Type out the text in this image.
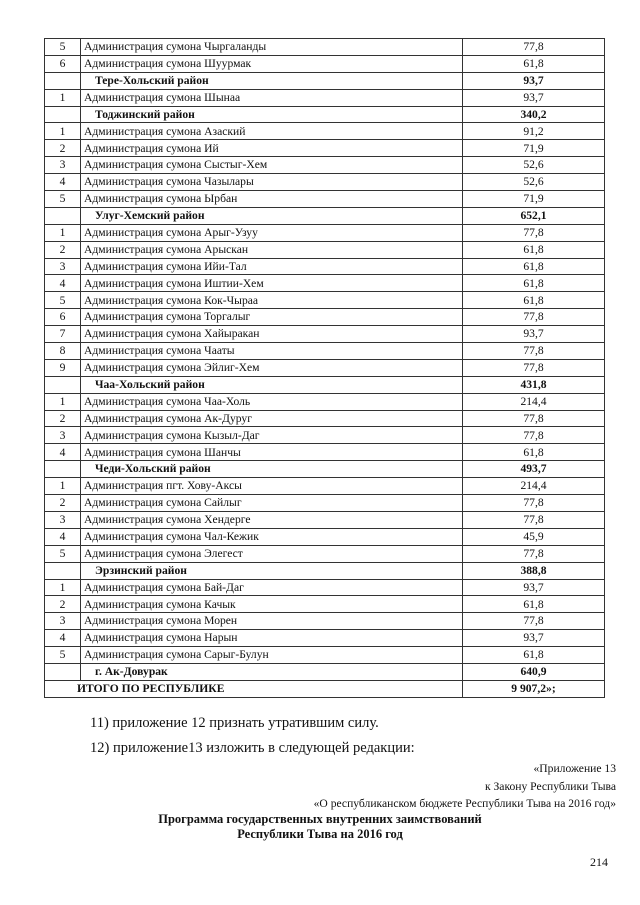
5	Администрация сумона Чыргаланды	77,8
6	Администрация сумона Шуурмак	61,8
	Тере-Хольский район	93,7
1	Администрация сумона Шынаа	93,7
	Тоджинский район	340,2
1	Администрация сумона Азаский	91,2
2	Администрация сумона Ий	71,9
3	Администрация сумона Сыстыг-Хем	52,6
4	Администрация сумона Чазылары	52,6
5	Администрация сумона Ырбан	71,9
	Улуг-Хемский район	652,1
1	Администрация сумона Арыг-Узуу	77,8
2	Администрация сумона Арыскан	61,8
3	Администрация сумона Ийи-Тал	61,8
4	Администрация сумона Иштии-Хем	61,8
5	Администрация сумона Кок-Чыраа	61,8
6	Администрация сумона Торгалыг	77,8
7	Администрация сумона Хайыракан	93,7
8	Администрация сумона Чааты	77,8
9	Администрация сумона Эйлиг-Хем	77,8
	Чаа-Хольский район	431,8
1	Администрация сумона Чаа-Холь	214,4
2	Администрация сумона Ак-Дуруг	77,8
3	Администрация сумона Кызыл-Даг	77,8
4	Администрация сумона Шанчы	61,8
	Чеди-Хольский район	493,7
1	Администрация пгт. Хову-Аксы	214,4
2	Администрация сумона Сайлыг	77,8
3	Администрация сумона Хендерге	77,8
4	Администрация сумона Чал-Кежик	45,9
5	Администрация сумона Элегест	77,8
	Эрзинский район	388,8
1	Администрация сумона Бай-Даг	93,7
2	Администрация сумона Качык	61,8
3	Администрация сумона Морен	77,8
4	Администрация сумона Нарын	93,7
5	Администрация сумона Сарыг-Булун	61,8
	г. Ак-Довурак	640,9
ИТОГО ПО РЕСПУБЛИКЕ		9 907,2»;
11) приложение 12 признать утратившим силу.
12) приложение13 изложить в следующей редакции:
«Приложение 13
к Закону Республики Тыва
«О республиканском бюджете Республики Тыва на 2016 год»
Программа государственных внутренних заимствований
Республики Тыва на 2016 год
214
